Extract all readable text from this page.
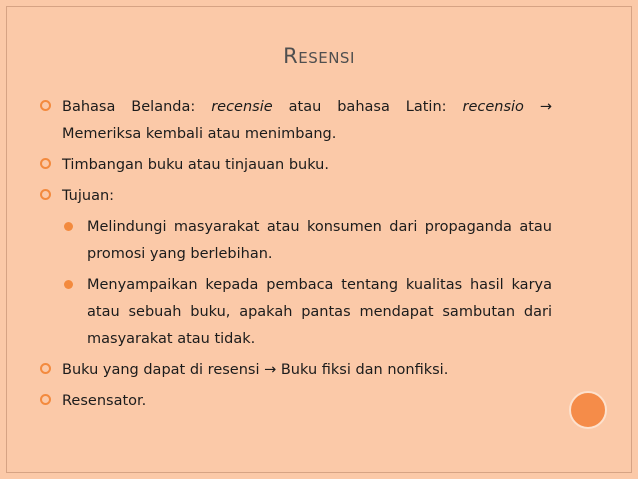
RESENSI
Bahasa Belanda: recensie atau bahasa Latin: recensio → Memeriksa kembali atau menimbang.
Timbangan buku atau tinjauan buku.
Tujuan:
Melindungi masyarakat atau konsumen dari propaganda atau promosi yang berlebihan.
Menyampaikan kepada pembaca tentang kualitas hasil karya atau sebuah buku, apakah pantas mendapat sambutan dari masyarakat atau tidak.
Buku yang dapat di resensi → Buku fiksi dan nonfiksi.
Resensator.
